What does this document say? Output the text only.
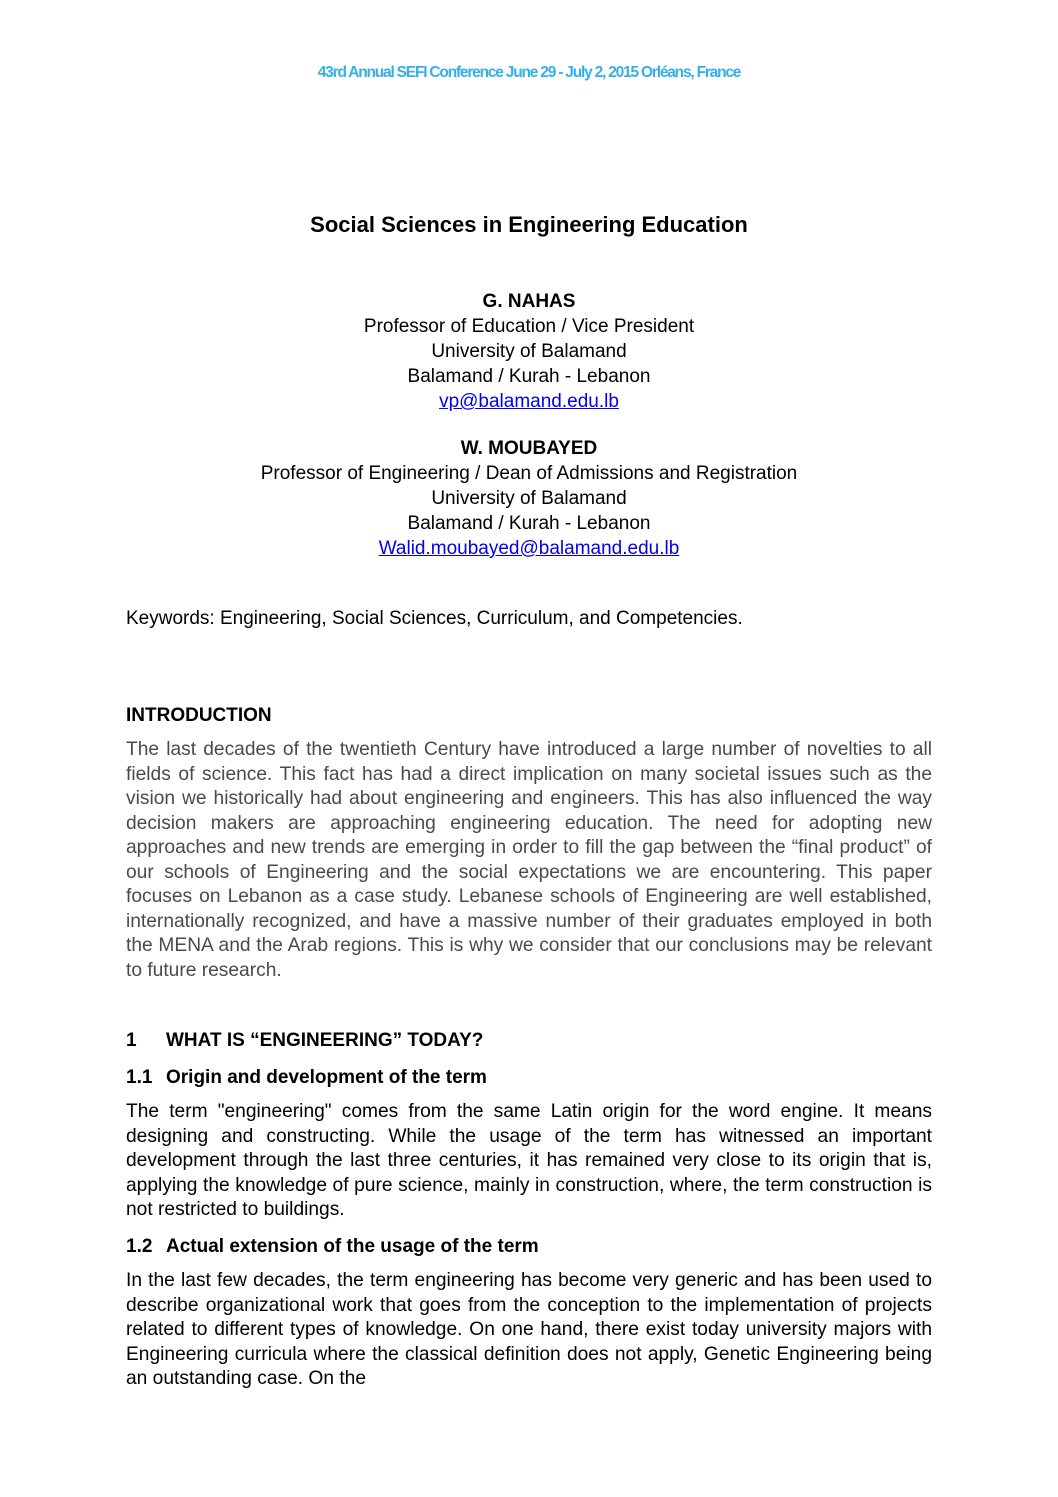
43rd Annual SEFI Conference June 29 - July 2, 2015 Orléans, France
Social Sciences in Engineering Education
G. NAHAS
Professor of Education / Vice President
University of Balamand
Balamand / Kurah - Lebanon
vp@balamand.edu.lb
W. MOUBAYED
Professor of Engineering / Dean of Admissions and Registration
University of Balamand
Balamand / Kurah - Lebanon
Walid.moubayed@balamand.edu.lb
Keywords: Engineering, Social Sciences, Curriculum, and Competencies.
INTRODUCTION

The last decades of the twentieth Century have introduced a large number of novelties to all fields of science. This fact has had a direct implication on many societal issues such as the vision we historically had about engineering and engineers. This has also influenced the way decision makers are approaching engineering education. The need for adopting new approaches and new trends are emerging in order to fill the gap between the “final product” of our schools of Engineering and the social expectations we are encountering. This paper focuses on Lebanon as a case study. Lebanese schools of Engineering are well established, internationally recognized, and have a massive number of their graduates employed in both the MENA and the Arab regions. This is why we consider that our conclusions may be relevant to future research.

1 WHAT IS “ENGINEERING” TODAY?
1.1 Origin and development of the term

The term "engineering" comes from the same Latin origin for the word engine. It means designing and constructing. While the usage of the term has witnessed an important development through the last three centuries, it has remained very close to its origin that is, applying the knowledge of pure science, mainly in construction, where, the term construction is not restricted to buildings.

1.2 Actual extension of the usage of the term

In the last few decades, the term engineering has become very generic and has been used to describe organizational work that goes from the conception to the implementation of projects related to different types of knowledge. On one hand, there exist today university majors with Engineering curricula where the classical definition does not apply, Genetic Engineering being an outstanding case. On the
